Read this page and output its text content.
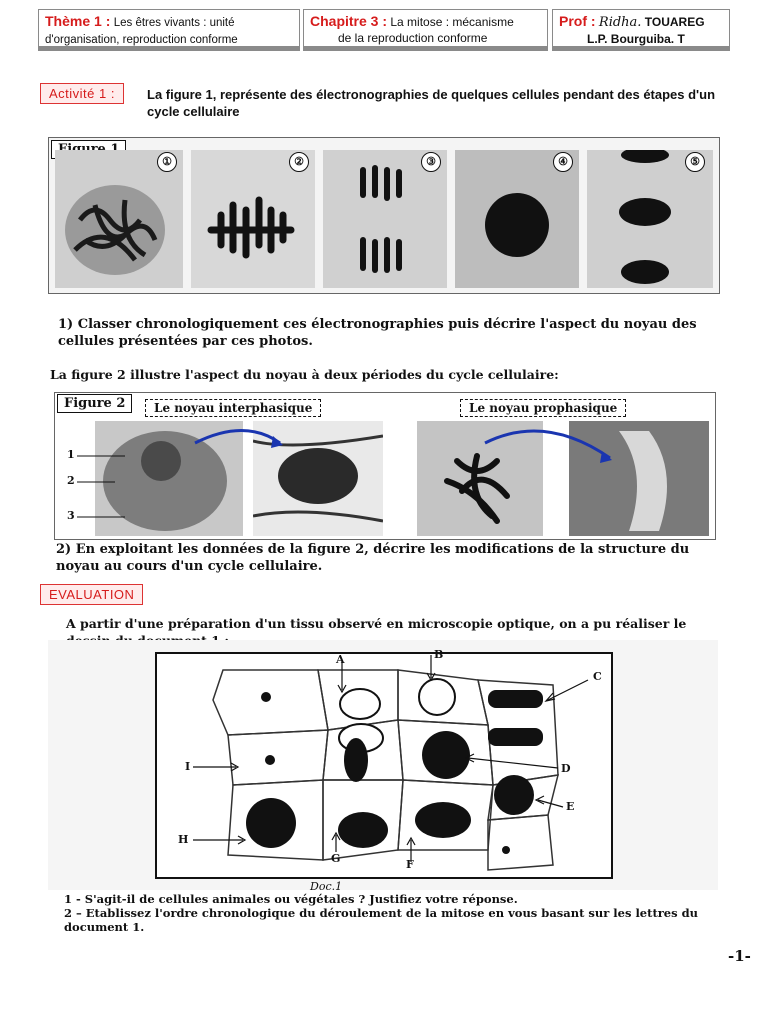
Thème 1 : Les êtres vivants : unité d'organisation, reproduction conforme
Chapitre 3 : La mitose : mécanisme
de la reproduction conforme
Prof : Ridha. TOUAREG
L.P. Bourguiba. T
Activité 1 :	La figure 1, représente des électronographies de quelques cellules pendant des étapes d'un cycle cellulaire
①	②	③	④	⑤
1) Classer chronologiquement ces électronographies puis décrire l'aspect du noyau des cellules présentées par ces photos.
La figure 2 illustre l'aspect du noyau à deux périodes du cycle cellulaire:
Figure 2	Le noyau interphasique	Le noyau prophasique
1
2
3
2) En exploitant les données de la figure 2, décrire les modifications de la structure du noyau au cours d'un cycle cellulaire.
EVALUATION
A partir d'une préparation d'un tissu observé en microscopie optique, on a pu réaliser le
A	B
C
D
E
F
G
H
I
Doc.1
1 - S'agit-il de cellules animales ou végétales ? Justifiez votre réponse.
2 – Etablissez l'ordre chronologique du déroulement de la mitose en vous basant sur les lettres du document 1.
-1-
